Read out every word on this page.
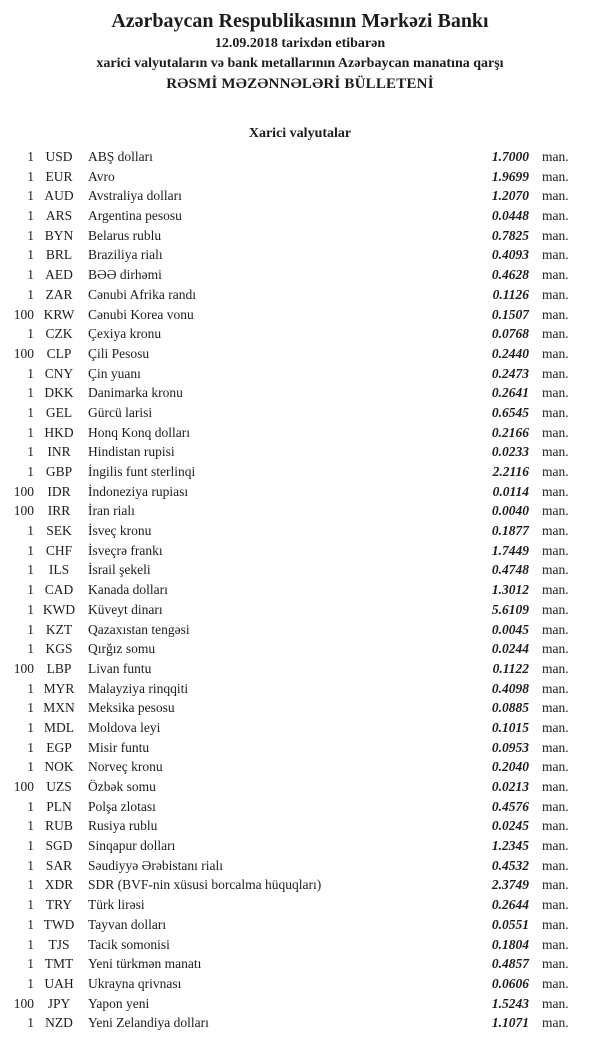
Azərbaycan Respublikasının Mərkəzi Bankı
12.09.2018 tarixdən etibarən
xarici valyutaların və bank metallarının Azərbaycan manatına qarşı
RƏSMİ MƏZƏNNƏLƏRİ BÜLLETENİ
Xarici valyutalar
1 USD	ABŞ dolları	1.7000 man.
1 EUR	Avro	1.9699 man.
1 AUD	Avstraliya dolları	1.2070 man.
1 ARS	Argentina pesosu	0.0448 man.
1 BYN	Belarus rublu	0.7825 man.
1 BRL	Braziliya rialı	0.4093 man.
1 AED	BƏƏ dirhəmi	0.4628 man.
1 ZAR	Cənubi Afrika randı	0.1126 man.
100 KRW	Cənubi Korea vonu	0.1507 man.
1 CZK	Çexiya kronu	0.0768 man.
100 CLP	Çili Pesosu	0.2440 man.
1 CNY	Çin yuanı	0.2473 man.
1 DKK	Danimarka kronu	0.2641 man.
1 GEL	Gürcü larisi	0.6545 man.
1 HKD	Honq Konq dolları	0.2166 man.
1 INR	Hindistan rupisi	0.0233 man.
1 GBP	İngilis funt sterlinqi	2.2116 man.
100 IDR	İndoneziya rupiası	0.0114 man.
100	IRR	İran rialı	0.0040 man.
1 SEK	İsveç kronu	0.1877 man.
1 CHF	İsveçrə frankı	1.7449 man.
1	ILS	İsrail şekeli	0.4748 man.
1 CAD	Kanada dolları	1.3012 man.
1 KWD Küveyt dinarı	5.6109 man.
1 KZT	Qazaxıstan tengəsi	0.0045 man.
1 KGS	Qırğız somu	0.0244 man.
100 LBP	Livan funtu	0.1122 man.
1 MYR	Malayziya rinqqiti	0.4098 man.
1 MXN Meksika pesosu	0.0885 man.
1 MDL	Moldova leyi	0.1015 man.
1 EGP	Misir funtu	0.0953 man.
1 NOK	Norveç kronu	0.2040 man.
100 UZS	Özbək somu	0.0213 man.
1 PLN	Polşa zlotası	0.4576 man.
1 RUB	Rusiya rublu	0.0245 man.
1 SGD	Sinqapur dolları	1.2345 man.
1 SAR	Səudiyyə Ərəbistanı rialı	0.4532 man.
1 XDR	SDR (BVF-nin xüsusi borcalma hüquqları)	2.3749 man.
1 TRY	Türk lirəsi	0.2644 man.
1 TWD	Tayvan dolları	0.0551 man.
1	TJS	Tacik somonisi	0.1804 man.
1 TMT	Yeni türkmən manatı	0.4857 man.
1 UAH	Ukrayna qrivnası	0.0606 man.
100	JPY	Yapon yeni	1.5243 man.
1 NZD	Yeni Zelandiya dolları	1.1071 man.
